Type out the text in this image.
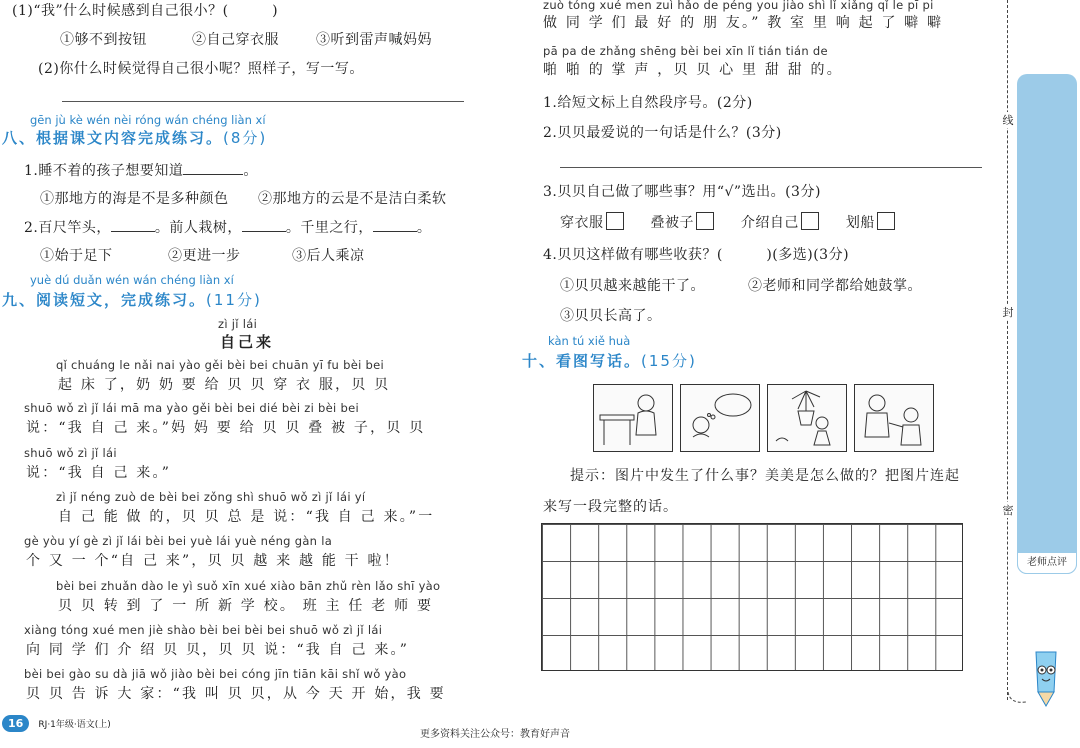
(1)“我”什么时候感到自己很小？(　　　)
①够不到按钮	②自己穿衣服	③听到雷声喊妈妈
(2)你什么时候觉得自己很小呢？照样子，写一写。
gēn jù kè wén nèi róng wán chéng liàn xí
八、根据课文内容完成练习。(8分)
1.睡不着的孩子想要知道	。
①那地方的海是不是多种颜色 ②那地方的云是不是洁白柔软
2.百尺竿头，	。前人栽树，	。千里之行，	。
①始于足下	②更进一步	③后人乘凉
yuè dú duǎn wén wán chéng liàn xí
九、阅读短文，完成练习。(11分)
zì jǐ lái
自己来
qǐ chuáng le nǎi nai yào gěi bèi bei chuān yī fu bèi bei
起 床 了，奶 奶 要 给 贝 贝 穿 衣 服，贝 贝
shuō wǒ zì jǐ lái mā ma yào gěi bèi bei dié bèi zi bèi bei
说：“我 自 己 来。”妈 妈 要 给 贝 贝 叠 被 子，贝 贝
shuō wǒ zì jǐ lái
说：“我 自 己 来。”
zì jǐ néng zuò de bèi bei zǒng shì shuō wǒ zì jǐ lái yí
自 己 能 做 的，贝 贝 总 是 说：“我 自 己 来。”一
gè yòu yí gè zì jǐ lái bèi bei yuè lái yuè néng gàn la
个 又 一 个“自 己 来”，贝 贝 越 来 越 能 干 啦！
bèi bei zhuǎn dào le yì suǒ xīn xué xiào bān zhǔ rèn lǎo shī yào
贝 贝 转 到 了 一 所 新 学 校。 班 主 任 老 师 要
xiàng tóng xué men jiè shào bèi bei bèi bei shuō wǒ zì jǐ lái
向 同 学 们 介 绍 贝 贝，贝 贝 说：“我 自 己 来。”
bèi bei gào su dà jiā wǒ jiào bèi bei cóng jīn tiān kāi shǐ wǒ yào
贝 贝 告 诉 大 家：“我 叫 贝 贝，从 今 天 开 始，我 要
16 RJ·1年级·语文(上)
更多资料关注公众号：教育好声音
zuò tóng xué men zuì hǎo de péng you jiào shì lǐ xiǎng qǐ le pī pi
做 同 学 们 最 好 的 朋 友。” 教 室 里 响 起 了 噼 噼
pā pa de zhǎng shēng bèi bei xīn lǐ tián tián de
啪 啪 的 掌 声 ，贝 贝 心 里 甜 甜 的。
1.给短文标上自然段序号。(2分)
2.贝贝最爱说的一句话是什么？(3分)
3.贝贝自己做了哪些事？用“√”选出。(3分)
穿衣服	叠被子	介绍自己	划船
4.贝贝这样做有哪些收获？(　　　)(多选)(3分)
①贝贝越来越能干了。	②老师和同学都给她鼓掌。
③贝贝长高了。
kàn tú xiě huà
十、看图写话。(15分)
提示：图片中发生了什么事？美美是怎么做的？把图片连起
来写一段完整的话。
线
封
密
老师点评
